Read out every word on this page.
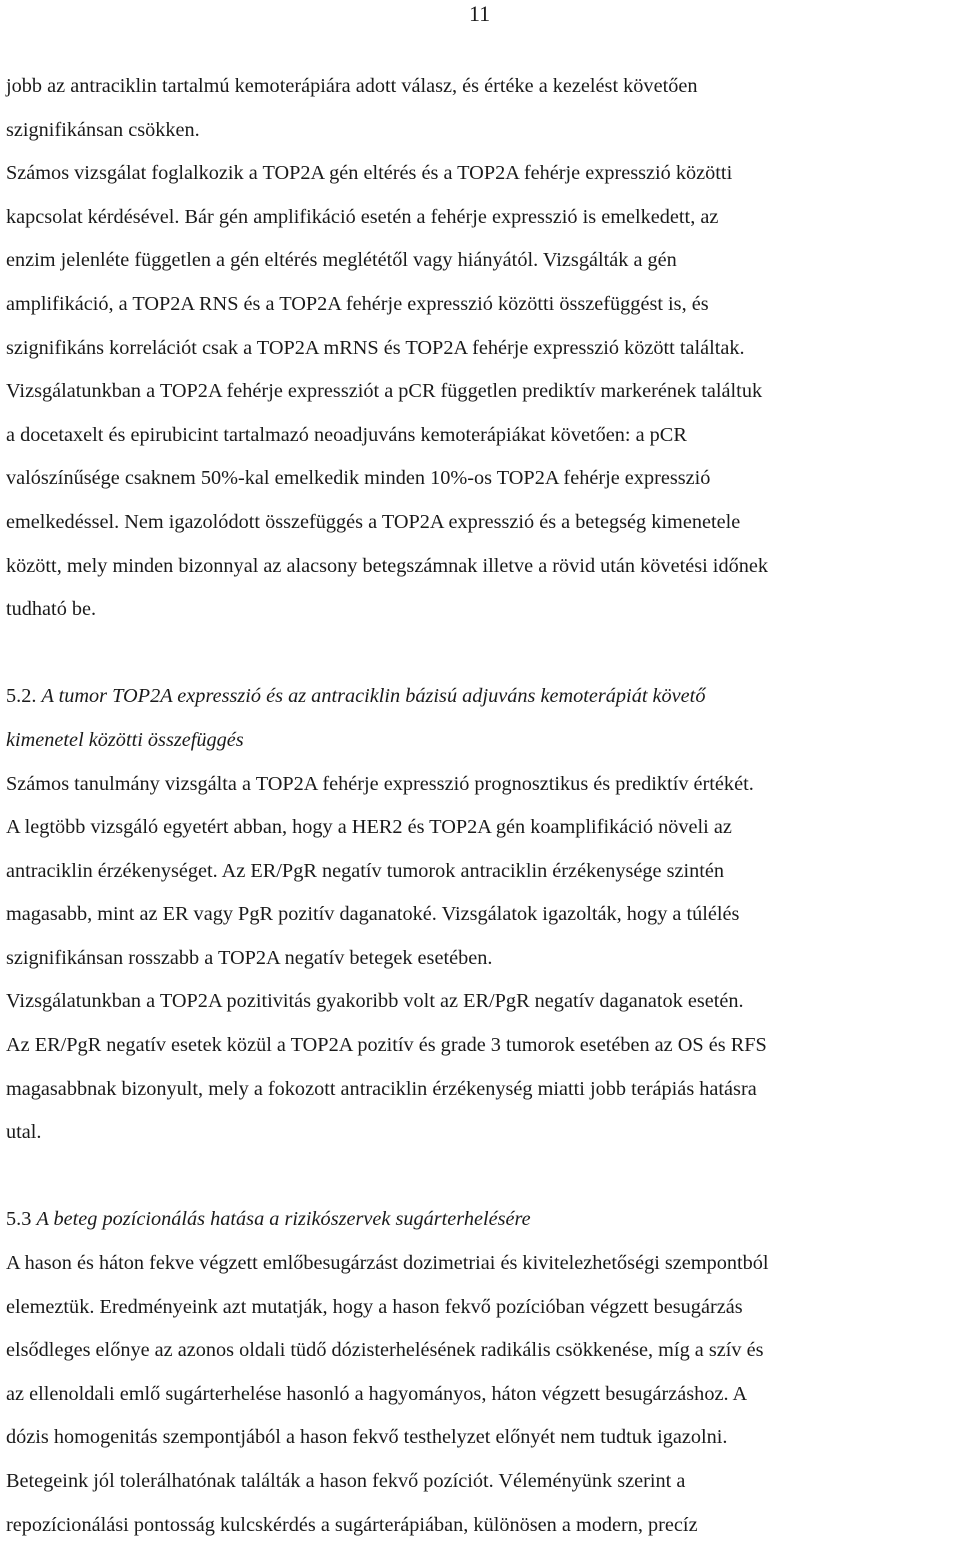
11
jobb az antraciklin tartalmú kemoterápiára adott válasz, és értéke a kezelést követően
szignifikánsan csökken.
Számos vizsgálat foglalkozik a TOP2A gén eltérés és a TOP2A fehérje expresszió közötti
kapcsolat kérdésével. Bár gén amplifikáció esetén a fehérje expresszió is emelkedett, az
enzim jelenléte független a gén eltérés meglététől vagy hiányától. Vizsgálták a gén
amplifikáció, a TOP2A RNS és a TOP2A fehérje expresszió közötti összefüggést is, és
szignifikáns korrelációt csak a TOP2A mRNS és TOP2A fehérje expresszió között találtak.
Vizsgálatunkban a TOP2A fehérje expressziót a pCR független prediktív markerének találtuk
a docetaxelt és epirubicint tartalmazó neoadjuváns kemoterápiákat követően: a pCR
valószínűsége csaknem 50%-kal emelkedik minden 10%-os TOP2A fehérje expresszió
emelkedéssel. Nem igazolódott összefüggés a TOP2A expresszió és a betegség kimenetele
között, mely minden bizonnyal az alacsony betegszámnak illetve a rövid után követési időnek
tudható be.
5.2. A tumor TOP2A expresszió és az antraciklin bázisú adjuváns kemoterápiát követő
kimenetel közötti összefüggés
Számos tanulmány vizsgálta a TOP2A fehérje expresszió prognosztikus és prediktív értékét.
A legtöbb vizsgáló egyetért abban, hogy a HER2 és TOP2A gén koamplifikáció növeli az
antraciklin érzékenységet. Az ER/PgR negatív tumorok antraciklin érzékenysége szintén
magasabb, mint az ER vagy PgR pozitív daganatoké. Vizsgálatok igazolták, hogy a túlélés
szignifikánsan rosszabb a TOP2A negatív betegek esetében.
Vizsgálatunkban a TOP2A pozitivitás gyakoribb volt az ER/PgR negatív daganatok esetén.
Az ER/PgR negatív esetek közül a TOP2A pozitív és grade 3 tumorok esetében az OS és RFS
magasabbnak bizonyult, mely a fokozott antraciklin érzékenység miatti jobb terápiás hatásra
utal.
5.3 A beteg pozícionálás hatása a rizikószervek sugárterhelésére
A hason és háton fekve végzett emlőbesugárzást dozimetriai és kivitelezhetőségi szempontból
elemeztük. Eredményeink azt mutatják, hogy a hason fekvő pozícióban végzett besugárzás
elsődleges előnye az azonos oldali tüdő dózisterhelésének radikális csökkenése, míg a szív és
az ellenoldali emlő sugárterhelése hasonló a hagyományos, háton végzett besugárzáshoz. A
dózis homogenitás szempontjából a hason fekvő testhelyzet előnyét nem tudtuk igazolni.
Betegeink jól tolerálhatónak találták a hason fekvő pozíciót. Véleményünk szerint a
repozícionálási pontosság kulcskérdés a sugárterápiában, különösen a modern, precíz
